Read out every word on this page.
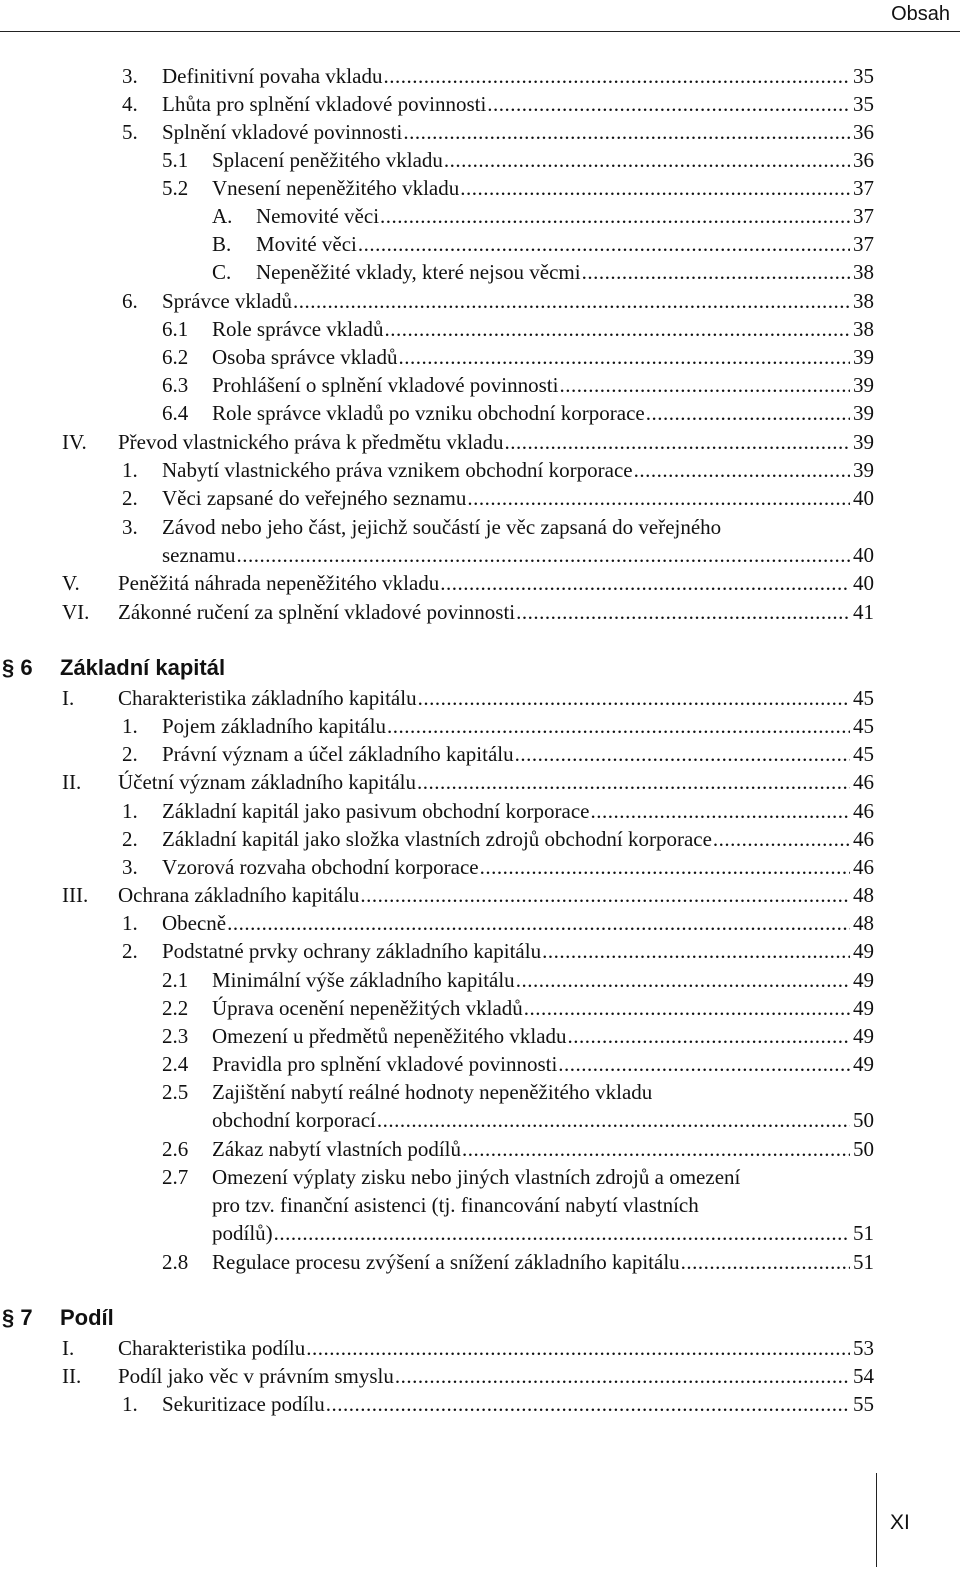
Obsah
§ 6 Základní kapitál
§ 7 Podíl
3. Definitivní povaha vkladu .....	35
4. Lhůta pro splnění vkladové povinnosti .....	35
5. Splnění vkladové povinnosti .....	36
5.1 Splacení peněžitého vkladu .....	36
5.2 Vnesení nepeněžitého vkladu .....	37
A. Nemovité věci .....	37
B. Movité věci .....	37
C. Nepeněžité vklady, které nejsou věcmi .....	38
6. Správce vkladů .....	38
6.1 Role správce vkladů .....	38
6.2 Osoba správce vkladů .....	39
6.3 Prohlášení o splnění vkladové povinnosti .....	39
6.4 Role správce vkladů po vzniku obchodní korporace .....	39
IV. Převod vlastnického práva k předmětu vkladu .....	39
1. Nabytí vlastnického práva vznikem obchodní korporace .....	39
2. Věci zapsané do veřejného seznamu .....	40
3. Závod nebo jeho část, jejichž součástí je věc zapsaná do veřejného
seznamu .....	40
V. Peněžitá náhrada nepeněžitého vkladu .....	40
VI. Zákonné ručení za splnění vkladové povinnosti .....	41
I. Charakteristika základního kapitálu .....	45
1. Pojem základního kapitálu .....	45
2. Právní význam a účel základního kapitálu .....	45
II. Účetní význam základního kapitálu .....	46
1. Základní kapitál jako pasivum obchodní korporace .....	46
2. Základní kapitál jako složka vlastních zdrojů obchodní korporace .....	46
3. Vzorová rozvaha obchodní korporace .....	46
III. Ochrana základního kapitálu .....	48
1. Obecně .....	48
2. Podstatné prvky ochrany základního kapitálu .....	49
2.1 Minimální výše základního kapitálu .....	49
2.2 Úprava ocenění nepeněžitých vkladů .....	49
2.3 Omezení u předmětů nepeněžitého vkladu .....	49
2.4 Pravidla pro splnění vkladové povinnosti .....	49
2.5 Zajištění nabytí reálné hodnoty nepeněžitého vkladu
obchodní korporací .....	50
2.6 Zákaz nabytí vlastních podílů .....	50
2.7 Omezení výplaty zisku nebo jiných vlastních zdrojů a omezení
pro tzv. finanční asistenci (tj. financování nabytí vlastních
podílů) .....	51
2.8 Regulace procesu zvýšení a snížení základního kapitálu .....	51
I. Charakteristika podílu .....	53
II. Podíl jako věc v právním smyslu .....	54
1. Sekuritizace podílu .....	55
XI
